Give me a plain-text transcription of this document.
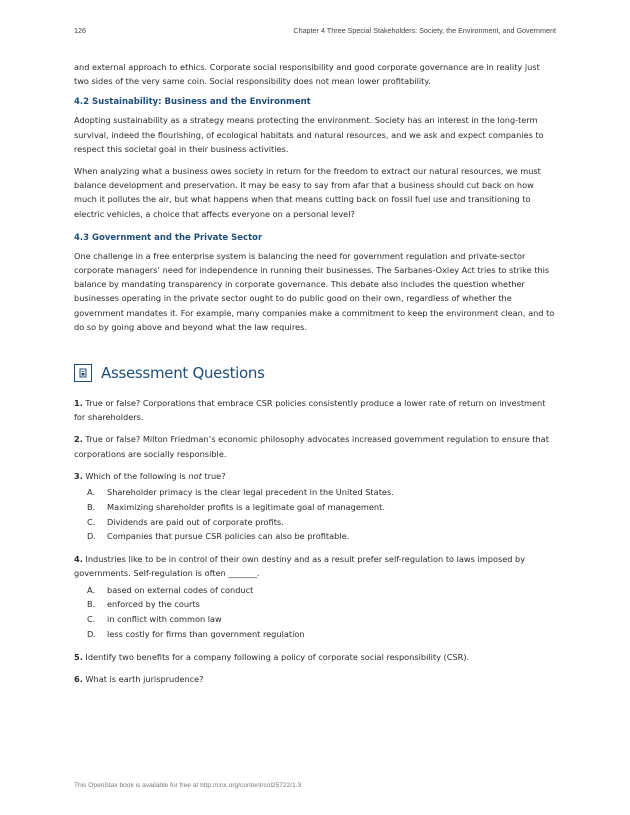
126	Chapter 4 Three Special Stakeholders: Society, the Environment, and Government

and external approach to ethics. Corporate social responsibility and good corporate governance are in reality just two sides of the very same coin. Social responsibility does not mean lower profitability.

4.2 Sustainability: Business and the Environment

Adopting sustainability as a strategy means protecting the environment. Society has an interest in the long-term survival, indeed the flourishing, of ecological habitats and natural resources, and we ask and expect companies to respect this societal goal in their business activities.

When analyzing what a business owes society in return for the freedom to extract our natural resources, we must balance development and preservation. It may be easy to say from afar that a business should cut back on how much it pollutes the air, but what happens when that means cutting back on fossil fuel use and transitioning to electric vehicles, a choice that affects everyone on a personal level?

4.3 Government and the Private Sector

One challenge in a free enterprise system is balancing the need for government regulation and private-sector corporate managers’ need for independence in running their businesses. The Sarbanes-Oxley Act tries to strike this balance by mandating transparency in corporate governance. This debate also includes the question whether businesses operating in the private sector ought to do public good on their own, regardless of whether the government mandates it. For example, many companies make a commitment to keep the environment clean, and to do so by going above and beyond what the law requires.

Assessment Questions

1. True or false? Corporations that embrace CSR policies consistently produce a lower rate of return on investment for shareholders.

2. True or false? Milton Friedman’s economic philosophy advocates increased government regulation to ensure that corporations are socially responsible.

3. Which of the following is not true?

A. Shareholder primacy is the clear legal precedent in the United States.
B. Maximizing shareholder profits is a legitimate goal of management.
C. Dividends are paid out of corporate profits.
D. Companies that pursue CSR policies can also be profitable.

4. Industries like to be in control of their own destiny and as a result prefer self-regulation to laws imposed by governments. Self-regulation is often _______.

A. based on external codes of conduct
B. enforced by the courts
C. in conflict with common law
D. less costly for firms than government regulation

5. Identify two benefits for a company following a policy of corporate social responsibility (CSR).

6. What is earth jurisprudence?

This OpenStax book is available for free at http://cnx.org/content/col25722/1.3
